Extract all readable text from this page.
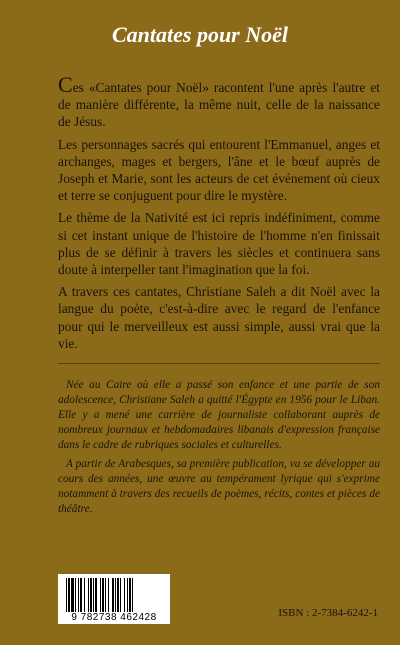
Cantates pour Noël

Ces «Cantates pour Noël» racontent l'une après l'autre et de manière différente, la même nuit, celle de la naissance de Jésus.

Les personnages sacrés qui entourent l'Emmanuel, anges et archanges, mages et bergers, l'âne et le bœuf auprès de Joseph et Marie, sont les acteurs de cet événement où cieux et terre se conjuguent pour dire le mystère.

Le thème de la Nativité est ici repris indéfiniment, comme si cet instant unique de l'histoire de l'homme n'en finissait plus de se définir à travers les siècles et continuera sans doute à interpeller tant l'imagination que la foi.

A travers ces cantates, Christiane Saleh a dit Noël avec la langue du poète, c'est-à-dire avec le regard de l'enfance pour qui le merveilleux est aussi simple, aussi vrai que la vie.

Née au Caire où elle a passé son enfance et une partie de son adolescence, Christiane Saleh a quitté l'Égypte en 1956 pour le Liban. Elle y a mené une carrière de journaliste collaborant auprès de nombreux journaux et hebdomadaires libanais d'expression française dans le cadre de rubriques sociales et culturelles.

A partir de Arabesques, sa première publication, va se développer au cours des années, une œuvre au tempérament lyrique qui s'exprime notamment à travers des recueils de poèmes, récits, contes et pièces de théâtre.

9 782738 462428	ISBN : 2-7384-6242-1
